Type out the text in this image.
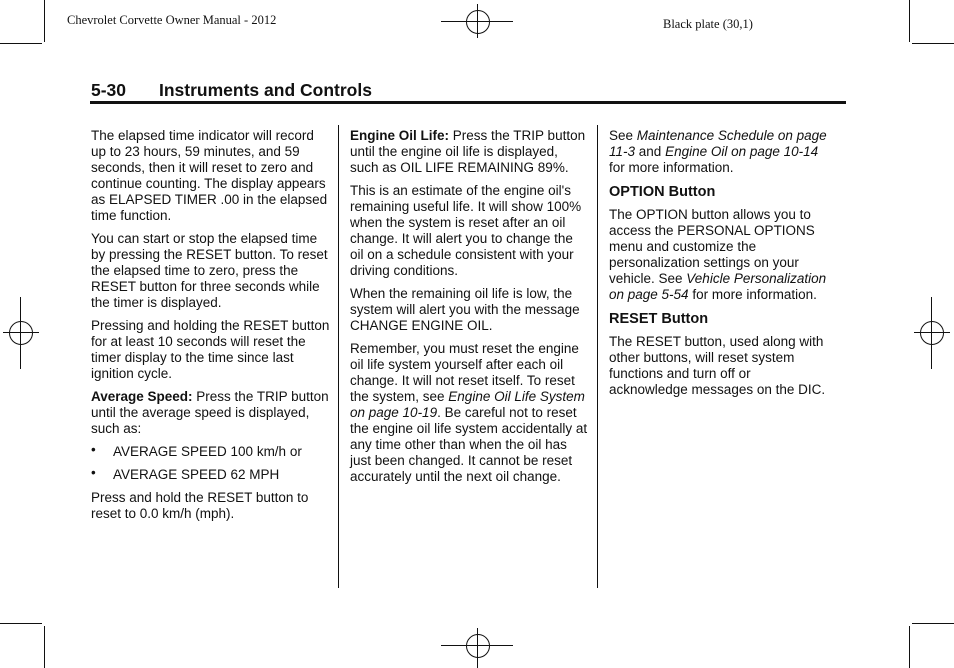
Chevrolet Corvette Owner Manual - 2012	Black plate (30,1)
5-30 Instruments and Controls

The elapsed time indicator will record up to 23 hours, 59 minutes, and 59 seconds, then it will reset to zero and continue counting. The display appears as ELAPSED TIMER .00 in the elapsed time function.

You can start or stop the elapsed time by pressing the RESET button. To reset the elapsed time to zero, press the RESET button for three seconds while the timer is displayed.

Pressing and holding the RESET button for at least 10 seconds will reset the timer display to the time since last ignition cycle.

Average Speed: Press the TRIP button until the average speed is displayed, such as:

• AVERAGE SPEED 100 km/h or
• AVERAGE SPEED 62 MPH

Press and hold the RESET button to reset to 0.0 km/h (mph).

Engine Oil Life: Press the TRIP button until the engine oil life is displayed, such as OIL LIFE REMAINING 89%.

This is an estimate of the engine oil's remaining useful life. It will show 100% when the system is reset after an oil change. It will alert you to change the oil on a schedule consistent with your driving conditions.

When the remaining oil life is low, the system will alert you with the message CHANGE ENGINE OIL.

Remember, you must reset the engine oil life system yourself after each oil change. It will not reset itself. To reset the system, see Engine Oil Life System on page 10‑19. Be careful not to reset the engine oil life system accidentally at any time other than when the oil has just been changed. It cannot be reset accurately until the next oil change.

See Maintenance Schedule on page 11‑3 and Engine Oil on page 10‑14 for more information.

OPTION Button

The OPTION button allows you to access the PERSONAL OPTIONS menu and customize the personalization settings on your vehicle. See Vehicle Personalization on page 5‑54 for more information.

RESET Button

The RESET button, used along with other buttons, will reset system functions and turn off or acknowledge messages on the DIC.
